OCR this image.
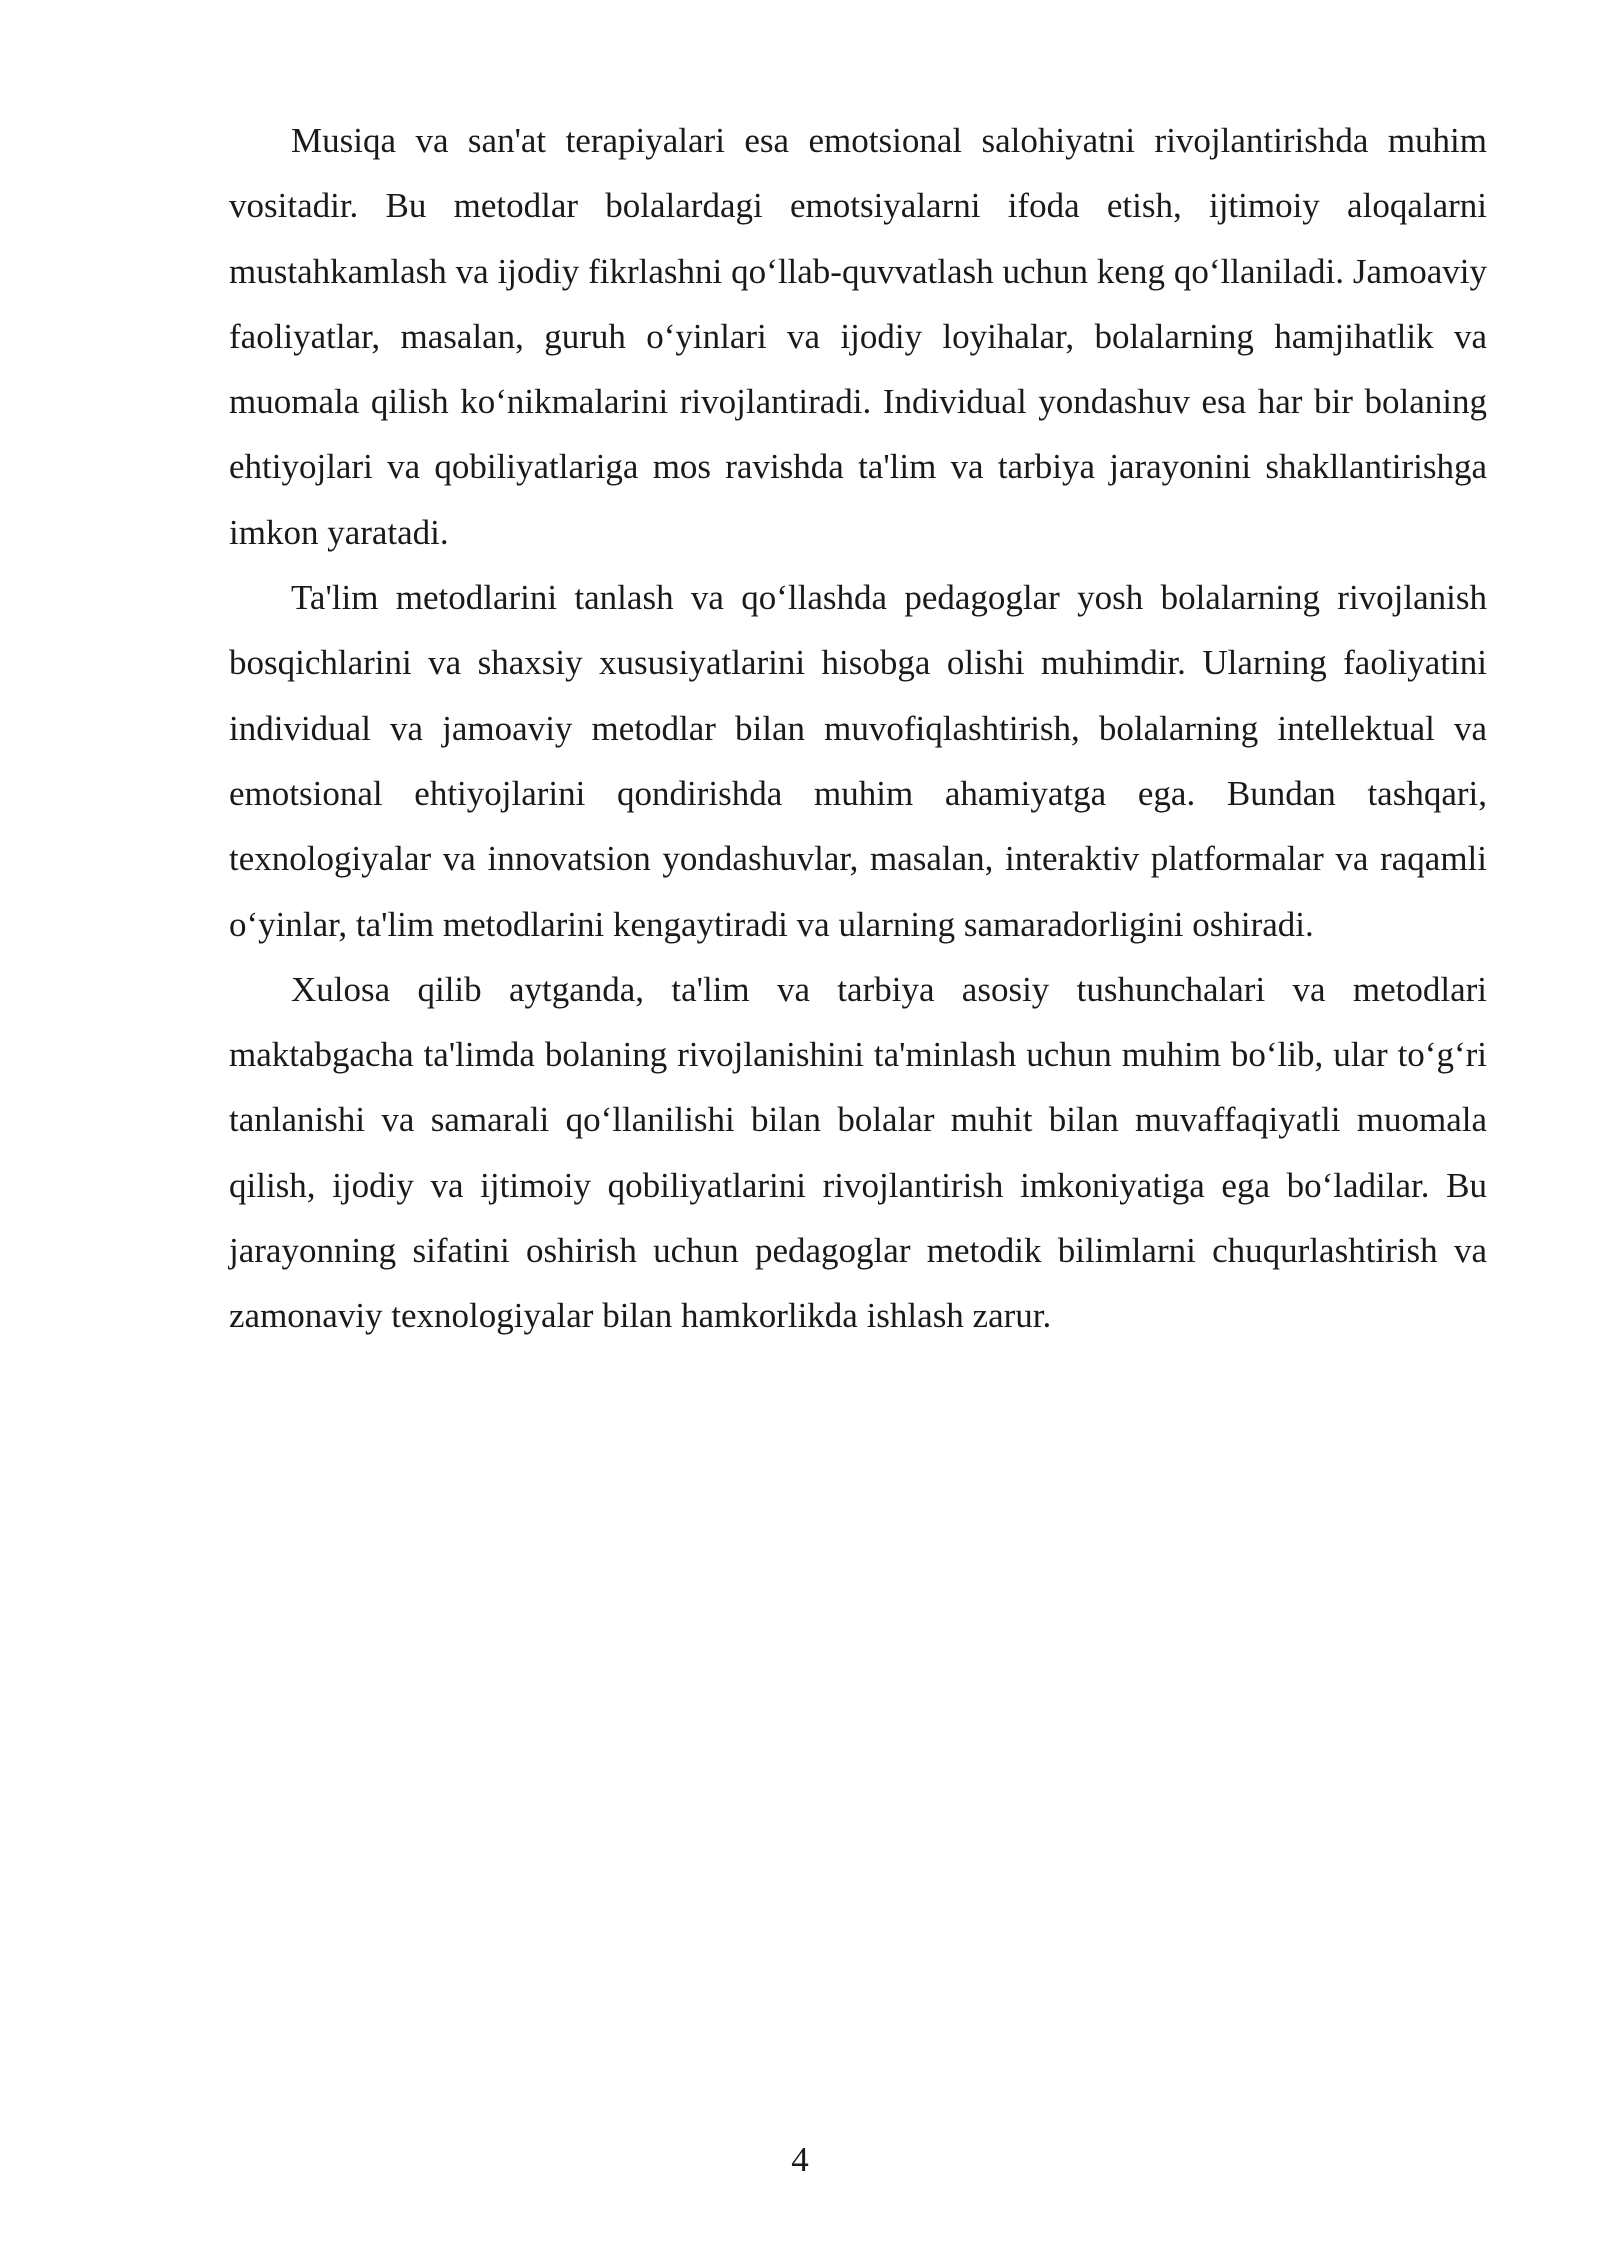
Musiqa va san'at terapiyalari esa emotsional salohiyatni rivojlantirishda muhim vositadir. Bu metodlar bolalardagi emotsiyalarni ifoda etish, ijtimoiy aloqalarni mustahkamlash va ijodiy fikrlashni qo‘llab-quvvatlash uchun keng qo‘llaniladi. Jamoaviy faoliyatlar, masalan, guruh o‘yinlari va ijodiy loyihalar, bolalarning hamjihatlik va muomala qilish ko‘nikmalarini rivojlantiradi. Individual yondashuv esa har bir bolaning ehtiyojlari va qobiliyatlariga mos ravishda ta'lim va tarbiya jarayonini shakllantirishga imkon yaratadi.

Ta'lim metodlarini tanlash va qo‘llashda pedagoglar yosh bolalarning rivojlanish bosqichlarini va shaxsiy xususiyatlarini hisobga olishi muhimdir. Ularning faoliyatini individual va jamoaviy metodlar bilan muvofiqlashtirish, bolalarning intellektual va emotsional ehtiyojlarini qondirishda muhim ahamiyatga ega. Bundan tashqari, texnologiyalar va innovatsion yondashuvlar, masalan, interaktiv platformalar va raqamli o‘yinlar, ta'lim metodlarini kengaytiradi va ularning samaradorligini oshiradi.

Xulosa qilib aytganda, ta'lim va tarbiya asosiy tushunchalari va metodlari maktabgacha ta'limda bolaning rivojlanishini ta'minlash uchun muhim bo‘lib, ular to‘g‘ri tanlanishi va samarali qo‘llanilishi bilan bolalar muhit bilan muvaffaqiyatli muomala qilish, ijodiy va ijtimoiy qobiliyatlarini rivojlantirish imkoniyatiga ega bo‘ladilar. Bu jarayonning sifatini oshirish uchun pedagoglar metodik bilimlarni chuqurlashtirish va zamonaviy texnologiyalar bilan hamkorlikda ishlash zarur.

4
